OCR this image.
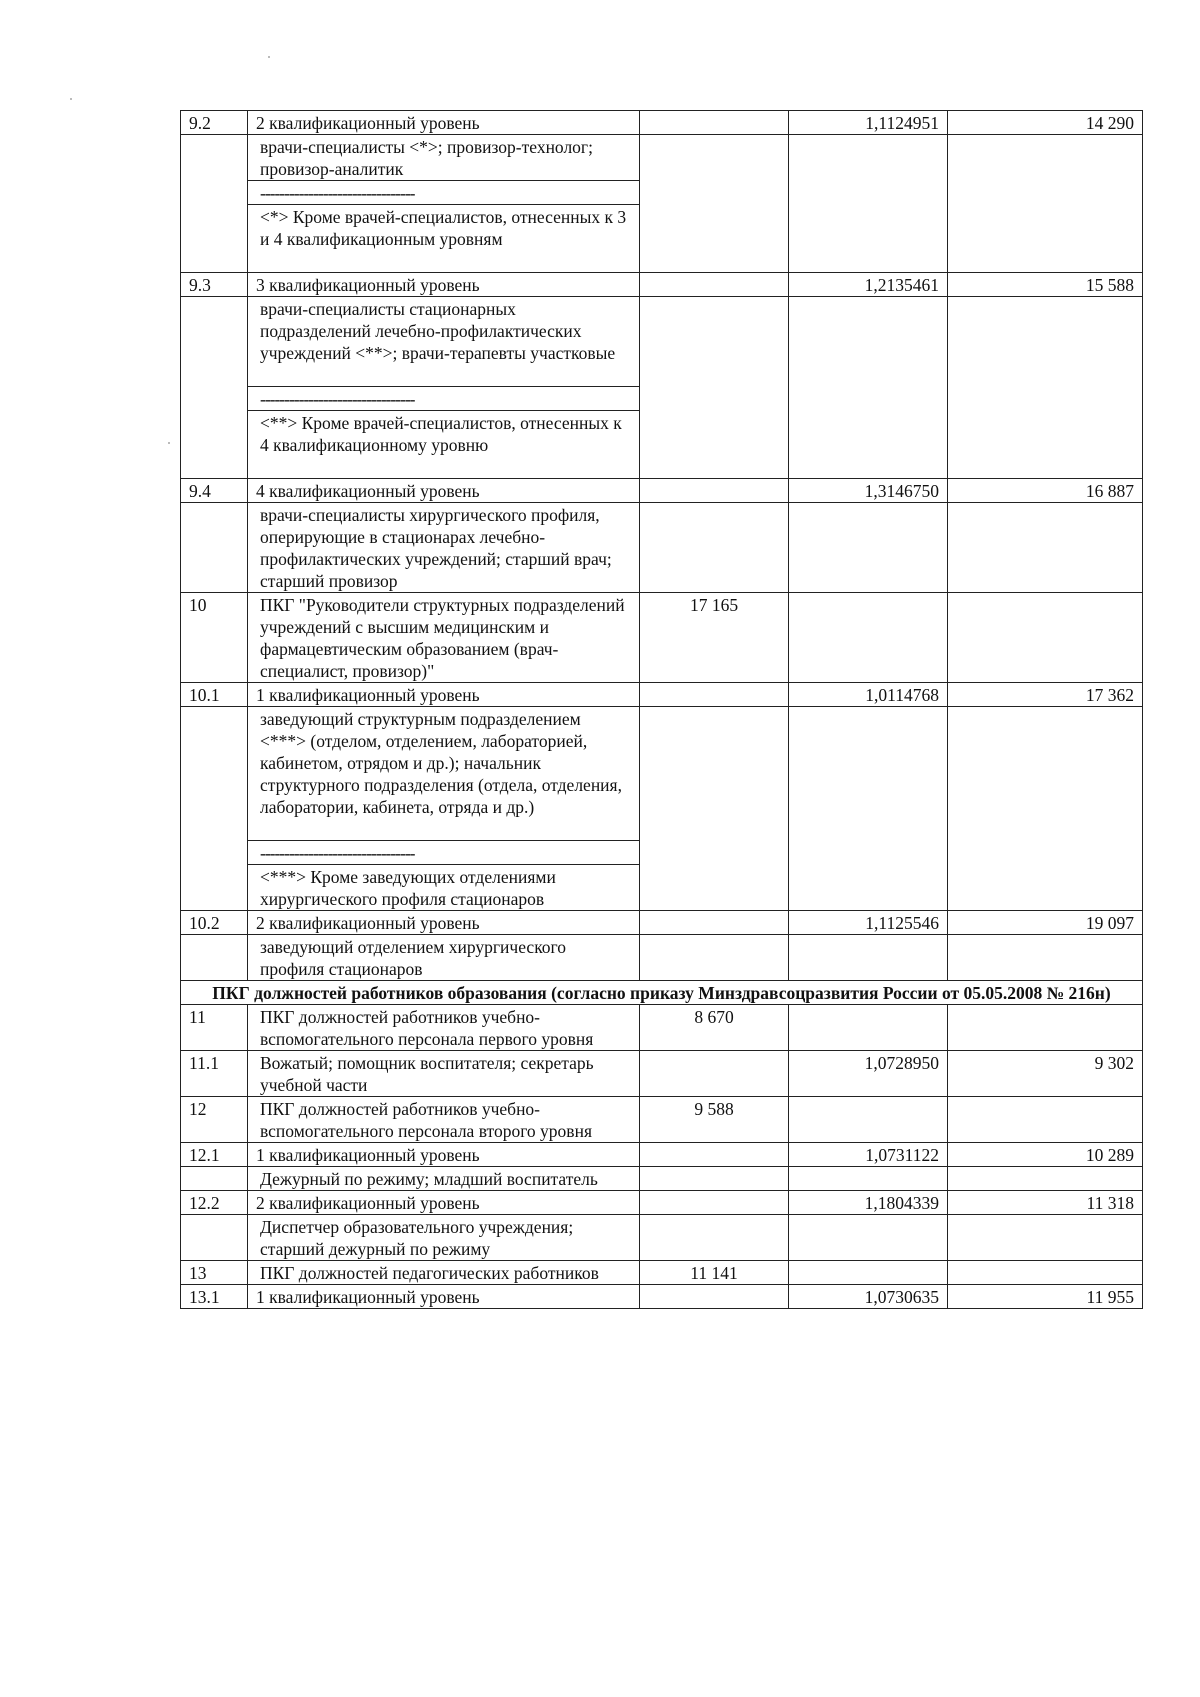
9.2	2 квалификационный уровень		1,1124951	14 290

врачи-специалисты <*>; провизор-технолог; провизор-аналитик
--------------------------------
<*> Кроме врачей-специалистов, отнесенных к 3 и 4 квалификационным уровням

9.3	3 квалификационный уровень		1,2135461	15 588

врачи-специалисты стационарных подразделений лечебно-профилактических учреждений <**>; врачи-терапевты участковые
--------------------------------
<**> Кроме врачей-специалистов, отнесенных к 4 квалификационному уровню

9.4	4 квалификационный уровень		1,3146750	16 887
	врачи-специалисты хирургического профиля, оперирующие в стационарах лечебно-профилактических учреждений; старший врач; старший провизор			
10	ПКГ "Руководители структурных подразделений учреждений с высшим медицинским и фармацевтическим образованием (врач-специалист, провизор)"	17 165		
10.1	1 квалификационный уровень		1,0114768	17 362

заведующий структурным подразделением <***> (отделом, отделением, лабораторией, кабинетом, отрядом и др.); начальник структурного подразделения (отдела, отделения, лаборатории, кабинета, отряда и др.)
--------------------------------
<***> Кроме заведующих отделениями хирургического профиля стационаров

10.2	2 квалификационный уровень		1,1125546	19 097
	заведующий отделением хирургического профиля стационаров			
ПКГ должностей работников образования (согласно приказу Минздравсоцразвития России от 05.05.2008 № 216н)
11	ПКГ должностей работников учебно-вспомогательного персонала первого уровня	8 670		
11.1	Вожатый; помощник воспитателя; секретарь учебной части		1,0728950	9 302
12	ПКГ должностей работников учебно-вспомогательного персонала второго уровня	9 588		
12.1	1 квалификационный уровень		1,0731122	10 289
	Дежурный по режиму; младший воспитатель			
12.2	2 квалификационный уровень		1,1804339	11 318
	Диспетчер образовательного учреждения; старший дежурный по режиму			
13	ПКГ должностей педагогических работников	11 141		
13.1	1 квалификационный уровень		1,0730635	11 955
